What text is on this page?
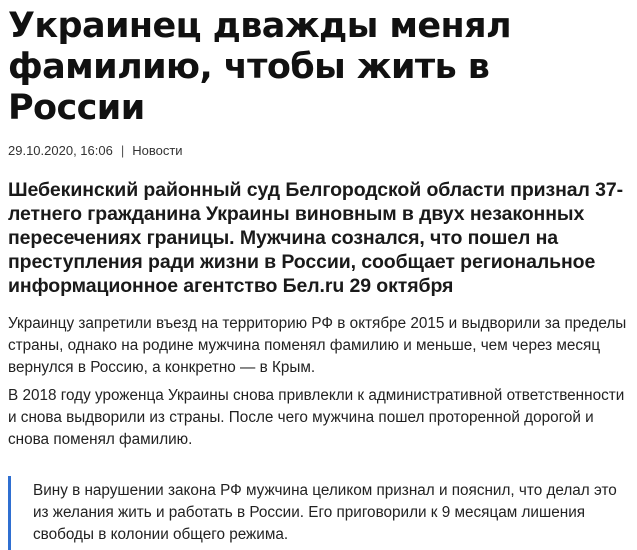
Украинец дважды менял фамилию, чтобы жить в России
29.10.2020, 16:06 | Новости

Шебекинский районный суд Белгородской области признал 37-летнего гражданина Украины виновным в двух незаконных пересечениях границы. Мужчина сознался, что пошел на преступления ради жизни в России, сообщает региональное информационное агентство Бел.ru 29 октября

Украинцу запретили въезд на территорию РФ в октябре 2015 и выдворили за пределы страны, однако на родине мужчина поменял фамилию и меньше, чем через месяц вернулся в Россию, а конкретно — в Крым.

В 2018 году уроженца Украины снова привлекли к административной ответственности и снова выдворили из страны. После чего мужчина пошел проторенной дорогой и снова поменял фамилию.

Вину в нарушении закона РФ мужчина целиком признал и пояснил, что делал это из желания жить и работать в России. Его приговорили к 9 месяцам лишения свободы в колонии общего режима.
